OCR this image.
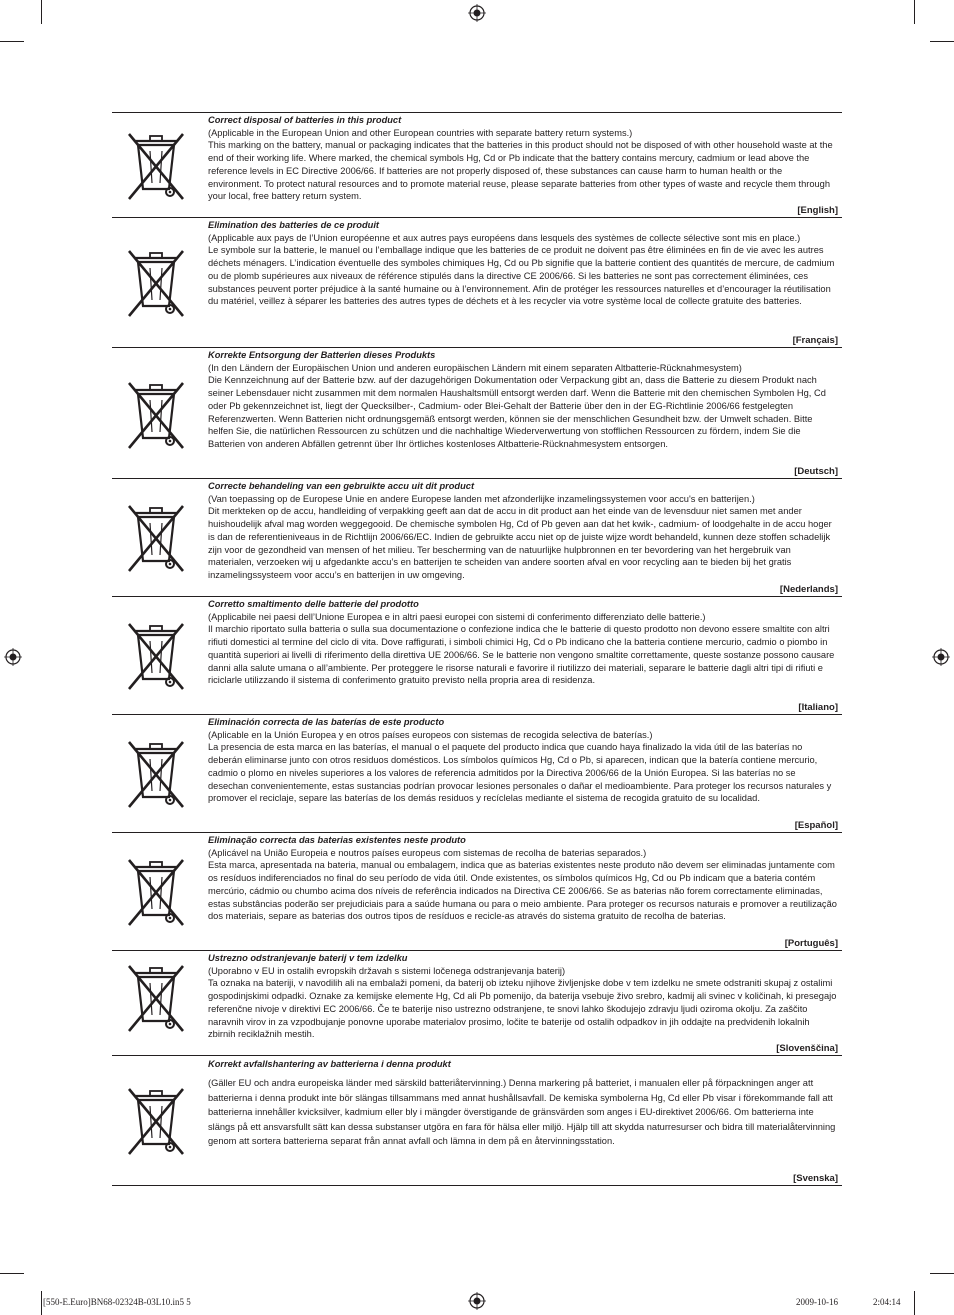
Correct disposal of batteries in this product
(Applicable in the European Union and other European countries with separate battery return systems.)
This marking on the battery, manual or packaging indicates that the batteries in this product should not be disposed of with other household waste at the end of their working life. Where marked, the chemical symbols Hg, Cd or Pb indicate that the battery contains mercury, cadmium or lead above the reference levels in EC Directive 2006/66. If batteries are not properly disposed of, these substances can cause harm to human health or the environment. To protect natural resources and to promote material reuse, please separate batteries from other types of waste and recycle them through your local, free battery return system.
[English]
Elimination des batteries de ce produit
(Applicable aux pays de l’Union européenne et aux autres pays européens dans lesquels des systèmes de collecte sélective sont mis en place.)
Le symbole sur la batterie, le manuel ou l’emballage indique que les batteries de ce produit ne doivent pas être éliminées en fin de vie avec les autres déchets ménagers. L’indication éventuelle des symboles chimiques Hg, Cd ou Pb signifie que la batterie contient des quantités de mercure, de cadmium ou de plomb supérieures aux niveaux de référence stipulés dans la directive CE 2006/66. Si les batteries ne sont pas correctement éliminées, ces substances peuvent porter préjudice à la santé humaine ou à l’environnement. Afin de protéger les ressources naturelles et d’encourager la réutilisation du matériel, veillez à séparer les batteries des autres types de déchets et à les recycler via votre système local de collecte gratuite des batteries.
[Français]
Korrekte Entsorgung der Batterien dieses Produkts
(In den Ländern der Europäischen Union und anderen europäischen Ländern mit einem separaten Altbatterie-Rücknahmesystem)
Die Kennzeichnung auf der Batterie bzw. auf der dazugehörigen Dokumentation oder Verpackung gibt an, dass die Batterie zu diesem Produkt nach seiner Lebensdauer nicht zusammen mit dem normalen Haushaltsmüll entsorgt werden darf. Wenn die Batterie mit den chemischen Symbolen Hg, Cd oder Pb gekennzeichnet ist, liegt der Quecksilber-, Cadmium- oder Blei-Gehalt der Batterie über den in der EG-Richtlinie 2006/66 festgelegten Referenzwerten. Wenn Batterien nicht ordnungsgemäß entsorgt werden, können sie der menschlichen Gesundheit bzw. der Umwelt schaden. Bitte helfen Sie, die natürlichen Ressourcen zu schützen und die nachhaltige Wiederverwertung von stofflichen Ressourcen zu fördern, indem Sie die Batterien von anderen Abfällen getrennt über Ihr örtliches kostenloses Altbatterie-Rücknahmesystem entsorgen.
[Deutsch]
Correcte behandeling van een gebruikte accu uit dit product
(Van toepassing op de Europese Unie en andere Europese landen met afzonderlijke inzamelingssystemen voor accu's en batterijen.)
Dit merkteken op de accu, handleiding of verpakking geeft aan dat de accu in dit product aan het einde van de levensduur niet samen met ander huishoudelijk afval mag worden weggegooid. De chemische symbolen Hg, Cd of Pb geven aan dat het kwik-, cadmium- of loodgehalte in de accu hoger is dan de referentieniveaus in de Richtlijn 2006/66/EC. Indien de gebruikte accu niet op de juiste wijze wordt behandeld, kunnen deze stoffen schadelijk zijn voor de gezondheid van mensen of het milieu. Ter bescherming van de natuurlijke hulpbronnen en ter bevordering van het hergebruik van materialen, verzoeken wij u afgedankte accu’s en batterijen te scheiden van andere soorten afval en voor recycling aan te bieden bij het gratis inzamelingssysteem voor accu’s en batterijen in uw omgeving.
[Nederlands]
Corretto smaltimento delle batterie del prodotto
(Applicabile nei paesi dell’Unione Europea e in altri paesi europei con sistemi di conferimento differenziato delle batterie.)
Il marchio riportato sulla batteria o sulla sua documentazione o confezione indica che le batterie di questo prodotto non devono essere smaltite con altri rifiuti domestici al termine del ciclo di vita. Dove raffigurati, i simboli chimici Hg, Cd o Pb indicano che la batteria contiene mercurio, cadmio o piombo in quantità superiori ai livelli di riferimento della direttiva UE 2006/66. Se le batterie non vengono smaltite correttamente, queste sostanze possono causare danni alla salute umana o all’ambiente. Per proteggere le risorse naturali e favorire il riutilizzo dei materiali, separare le batterie dagli altri tipi di rifiuti e riciclarle utilizzando il sistema di conferimento gratuito previsto nella propria area di residenza.
[Italiano]
Eliminación correcta de las baterías de este producto
(Aplicable en la Unión Europea y en otros países europeos con sistemas de recogida selectiva de baterías.)
La presencia de esta marca en las baterías, el manual o el paquete del producto indica que cuando haya finalizado la vida útil de las baterías no deberán eliminarse junto con otros residuos domésticos. Los símbolos químicos Hg, Cd o Pb, si aparecen, indican que la batería contiene mercurio, cadmio o plomo en niveles superiores a los valores de referencia admitidos por la Directiva 2006/66 de la Unión Europea. Si las baterías no se desechan convenientemente, estas sustancias podrían provocar lesiones personales o dañar el medioambiente. Para proteger los recursos naturales y promover el reciclaje, separe las baterías de los demás residuos y recíclelas mediante el sistema de recogida gratuito de su localidad.
[Español]
Eliminação correcta das baterias existentes neste produto
(Aplicável na União Europeia e noutros países europeus com sistemas de recolha de baterias separados.)
Esta marca, apresentada na bateria, manual ou embalagem, indica que as baterias existentes neste produto não devem ser eliminadas juntamente com os resíduos indiferenciados no final do seu período de vida útil. Onde existentes, os símbolos químicos Hg, Cd ou Pb indicam que a bateria contém mercúrio, cádmio ou chumbo acima dos níveis de referência indicados na Directiva CE 2006/66. Se as baterias não forem correctamente eliminadas, estas substâncias poderão ser prejudiciais para a saúde humana ou para o meio ambiente. Para proteger os recursos naturais e promover a reutilização dos materiais, separe as baterias dos outros tipos de resíduos e recicle-as através do sistema gratuito de recolha de baterias.
[Português]
Ustrezno odstranjevanje baterij v tem izdelku
(Uporabno v EU in ostalih evropskih državah s sistemi ločenega odstranjevanja baterij)
Ta oznaka na bateriji, v navodilih ali na embalaži pomeni, da baterij ob izteku njihove življenjske dobe v tem izdelku ne smete odstraniti skupaj z ostalimi gospodinjskimi odpadki. Oznake za kemijske elemente Hg, Cd ali Pb pomenijo, da baterija vsebuje živo srebro, kadmij ali svinec v količinah, ki presegajo referenčne nivoje v direktivi EC 2006/66. Če te baterije niso ustrezno odstranjene, te snovi lahko škodujejo zdravju ljudi oziroma okolju. Za zaščito naravnih virov in za vzpodbujanje ponovne uporabe materialov prosimo, ločite te baterije od ostalih odpadkov in jih oddajte na predvidenih lokalnih zbirnih reciklažnih mestih.
[Slovenščina]
Korrekt avfallshantering av batterierna i denna produkt
(Gäller EU och andra europeiska länder med särskild batteriåtervinning.) Denna markering på batteriet, i manualen eller på förpackningen anger att batterierna i denna produkt inte bör slängas tillsammans med annat hushållsavfall. De kemiska symbolerna Hg, Cd eller Pb visar i förekommande fall att batterierna innehåller kvicksilver, kadmium eller bly i mängder överstigande de gränsvärden som anges i EU-direktivet 2006/66. Om batterierna inte slängs på ett ansvarsfullt sätt kan dessa substanser utgöra en fara för hälsa eller miljö. Hjälp till att skydda naturresurser och bidra till materialåtervinning genom att sortera batterierna separat från annat avfall och lämna in dem på en återvinningsstation.
[Svenska]
[550-E.Euro]BN68-02324B-03L10.in5 5	2009-10-16	2:04:14
